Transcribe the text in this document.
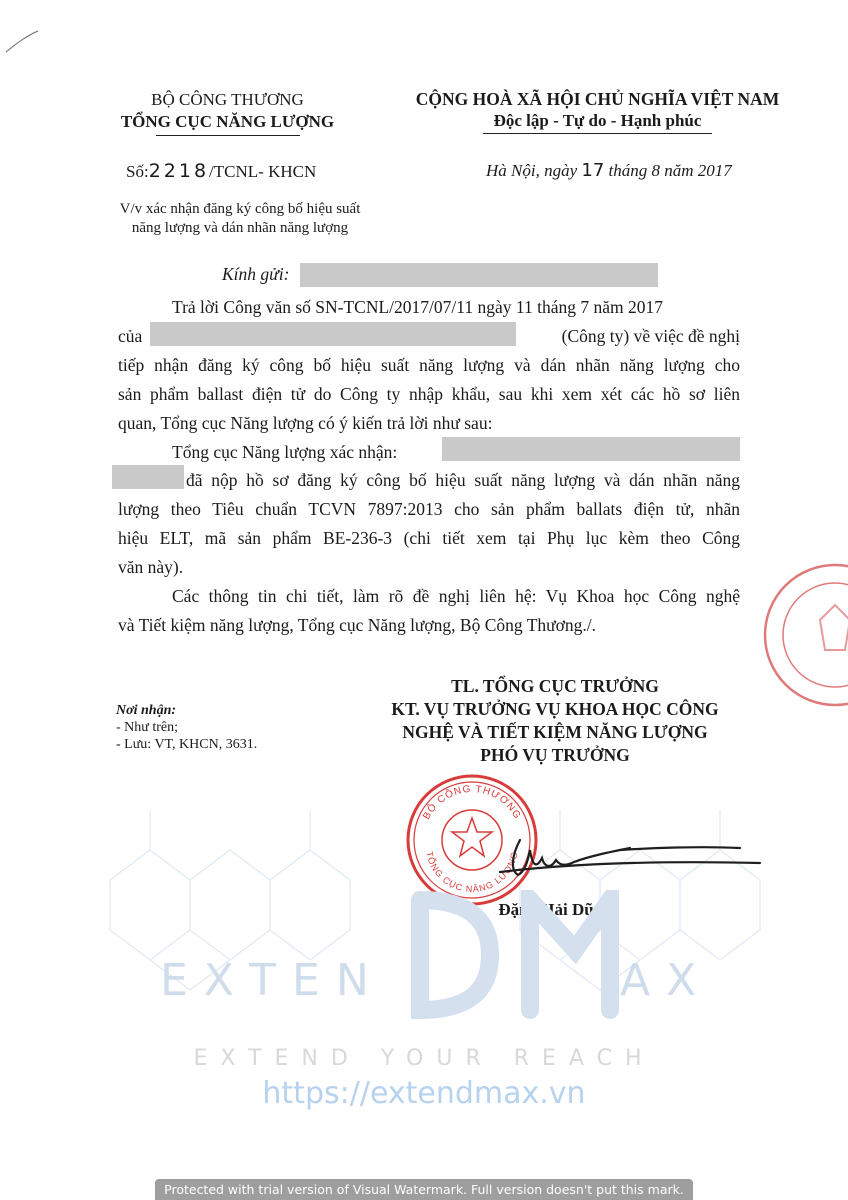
BỘ CÔNG THƯƠNG
TỔNG CỤC NĂNG LƯỢNG
CỘNG HOÀ XÃ HỘI CHỦ NGHĨA VIỆT NAM
Độc lập - Tự do - Hạnh phúc
Số:2218/TCNL- KHCN	Hà Nội, ngày 17 tháng 8 năm 2017
V/v xác nhận đăng ký công bố hiệu suất
năng lượng và dán nhãn năng lượng
Kính gửi:
Trả lời Công văn số SN-TCNL/2017/07/11 ngày 11 tháng 7 năm 2017
của	(Công ty) về việc đề nghị
tiếp nhận đăng ký công bố hiệu suất năng lượng và dán nhãn năng lượng cho
sản phẩm ballast điện tử do Công ty nhập khẩu, sau khi xem xét các hồ sơ liên
quan, Tổng cục Năng lượng có ý kiến trả lời như sau:
Tổng cục Năng lượng xác nhận:
đã nộp hồ sơ đăng ký công bố hiệu suất năng lượng và dán nhãn năng
lượng theo Tiêu chuẩn TCVN 7897:2013 cho sản phẩm ballats điện tử, nhãn
hiệu ELT, mã sản phẩm BE-236-3 (chi tiết xem tại Phụ lục kèm theo Công
văn này).
Các thông tin chi tiết, làm rõ đề nghị liên hệ: Vụ Khoa học Công nghệ
và Tiết kiệm năng lượng, Tổng cục Năng lượng, Bộ Công Thương./.
TL. TỔNG CỤC TRƯỞNG
KT. VỤ TRƯỞNG VỤ KHOA HỌC CÔNG
NGHỆ VÀ TIẾT KIỆM NĂNG LƯỢNG
PHÓ VỤ TRƯỞNG
Nơi nhận:
- Như trên;
- Lưu: VT, KHCN, 3631.
BỘ CÔNG THƯƠNG
TỔNG CỤC NĂNG LƯỢNG
Đặng Hải Dũng
EXTEN	AX
EXTEND YOUR REACH
https://extendmax.vn
Protected with trial version of Visual Watermark. Full version doesn't put this mark.
